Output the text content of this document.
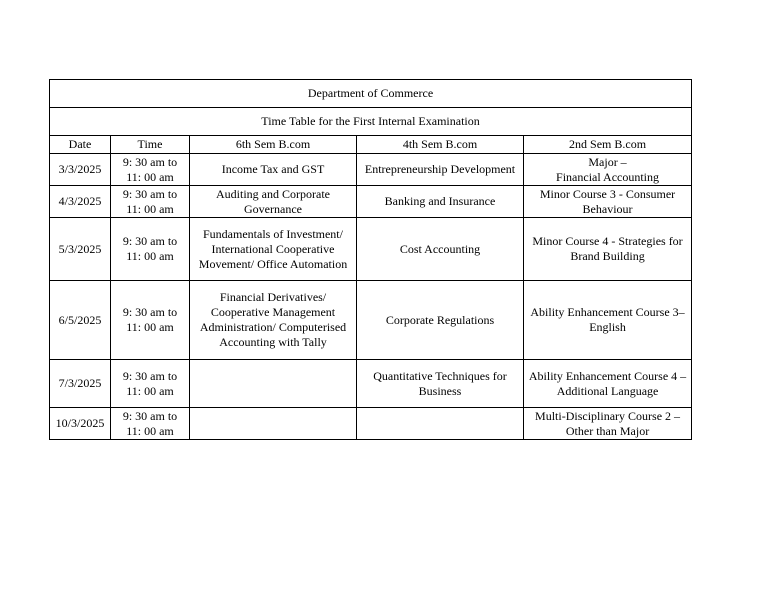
Department of Commerce				
Time Table for the First Internal Examination				
Date	Time	6th Sem B.com	4th Sem B.com	2nd Sem B.com
3/3/2025	9: 30 am to
11: 00 am	Income Tax and GST	Entrepreneurship Development	Major –
Financial Accounting
4/3/2025	9: 30 am to
11: 00 am	Auditing and Corporate
Governance	Banking and Insurance	Minor Course 3 - Consumer
Behaviour
5/3/2025	9: 30 am to
11: 00 am	Fundamentals of Investment/
International Cooperative
Movement/ Office Automation	Cost Accounting	Minor Course 4 - Strategies for
Brand Building
6/5/2025	9: 30 am to
11: 00 am	Financial Derivatives/
Cooperative Management
Administration/ Computerised
Accounting with Tally	Corporate Regulations	Ability Enhancement Course 3–
English
7/3/2025	9: 30 am to
11: 00 am		Quantitative Techniques for
Business	Ability Enhancement Course 4 –
Additional Language
10/3/2025	9: 30 am to
11: 00 am			Multi-Disciplinary Course 2 –
Other than Major
